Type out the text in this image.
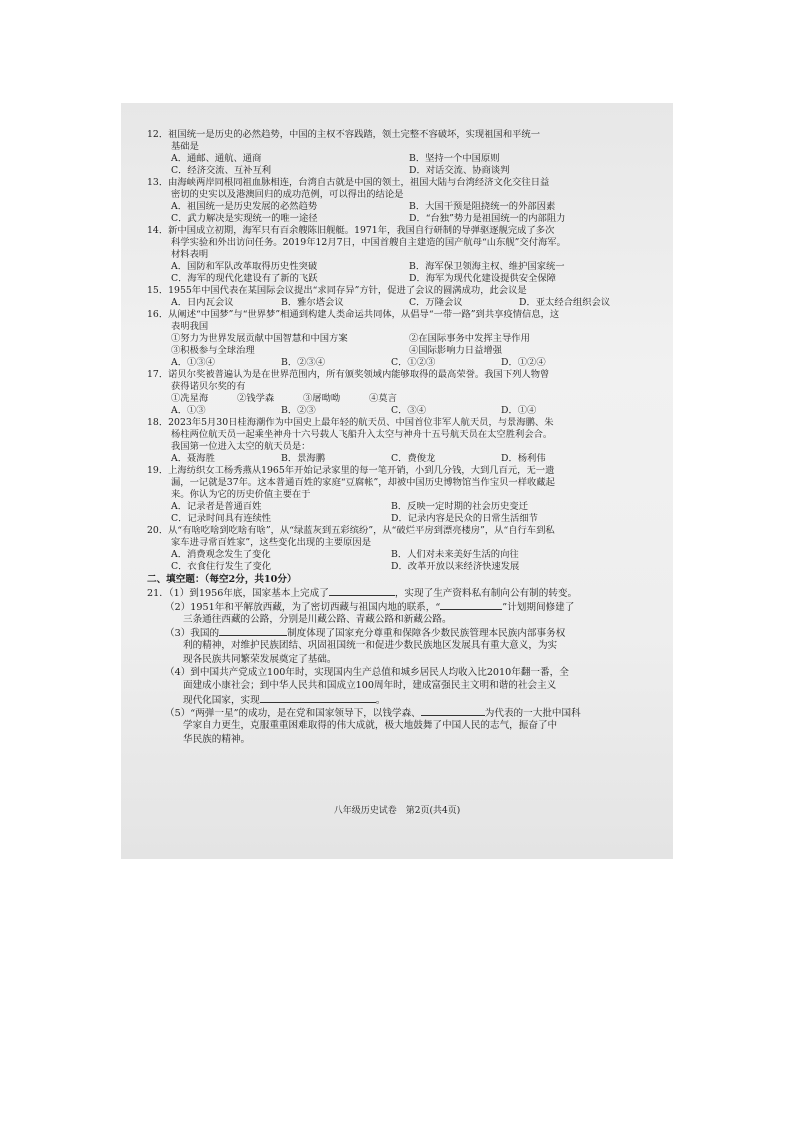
12．祖国统一是历史的必然趋势，中国的主权不容践踏，领土完整不容破坏，实现祖国和平统一
基础是
A．通邮、通航、通商	B．坚持一个中国原则
C．经济交流、互补互利	D．对话交流、协商谈判
13．由海峡两岸同根同祖血脉相连，台湾自古就是中国的领土，祖国大陆与台湾经济文化交往日益
密切的史实以及港澳回归的成功范例，可以得出的结论是
A．祖国统一是历史发展的必然趋势	B．大国干预是阻挠统一的外部因素
C．武力解决是实现统一的唯一途径	D．“台独”势力是祖国统一的内部阻力
14．新中国成立初期，海军只有百余艘陈旧舰艇。1971年，我国自行研制的导弹驱逐舰完成了多次
科学实验和外出访问任务。2019年12月7日，中国首艘自主建造的国产航母“山东舰”交付海军。
材料表明
A．国防和军队改革取得历史性突破	B．海军保卫领海主权、维护国家统一
C．海军的现代化建设有了新的飞跃	D．海军为现代化建设提供安全保障
15．1955年中国代表在某国际会议提出“求同存异”方针，促进了会议的圆满成功，此会议是
A．日内瓦会议	B．雅尔塔会议	C．万隆会议	D．亚太经合组织会议
16．从阐述“中国梦”与“世界梦”相通到构建人类命运共同体，从倡导“一带一路”到共享疫情信息，这
表明我国
①努力为世界发展贡献中国智慧和中国方案	②在国际事务中发挥主导作用
③积极参与全球治理	④国际影响力日益增强
A．①③④	B．②③④	C．①②③	D．①②④
17．诺贝尔奖被普遍认为是在世界范围内，所有颁奖领域内能够取得的最高荣誉。我国下列人物曾
获得诺贝尔奖的有
①冼星海	②钱学森	③屠呦呦	④莫言
A．①③	B．②③	C．③④	D．①④
18．2023年5月30日桂海潮作为中国史上最年轻的航天员、中国首位非军人航天员，与景海鹏、朱
杨柱两位航天员一起乘坐神舟十六号载人飞船升入太空与神舟十五号航天员在太空胜利会合。
我国第一位进入太空的航天员是：
A．聂海胜	B．景海鹏	C．费俊龙	D．杨利伟
19．上海纺织女工杨秀燕从1965年开始记录家里的每一笔开销，小到几分钱，大到几百元，无一遗
漏，一记就是37年。这本普通百姓的家庭“豆腐帐”，却被中国历史博物馆当作宝贝一样收藏起
来。你认为它的历史价值主要在于
A．记录者是普通百姓	B．反映一定时期的社会历史变迁
C．记录时间具有连续性	D．记录内容是民众的日常生活细节
20．从“有啥吃啥到吃啥有啥”，从“绿蓝灰到五彩缤纷”，从“破烂平房到漂亮楼房”，从“自行车到私
家车进寻常百姓家”，这些变化出现的主要原因是
A．消费观念发生了变化	B．人们对未来美好生活的向往
C．衣食住行发生了变化	D．改革开放以来经济快速发展
二、填空题：（每空2分，共10分）
21．（1）到1956年底，国家基本上完成了	，实现了生产资料私有制向公有制的转变。
（2）1951年和平解放西藏，为了密切西藏与祖国内地的联系，“	”计划期间修建了
三条通往西藏的公路，分别是川藏公路、青藏公路和新藏公路。
（3）我国的	制度体现了国家充分尊重和保障各少数民族管理本民族内部事务权
利的精神，对维护民族团结、巩固祖国统一和促进少数民族地区发展具有重大意义，为实
现各民族共同繁荣发展奠定了基础。
（4）到中国共产党成立100年时，实现国内生产总值和城乡居民人均收入比2010年翻一番，全
面建成小康社会；到中华人民共和国成立100周年时，建成富强民主文明和谐的社会主义
现代化国家，实现	。
（5）“两弹一星”的成功，是在党和国家领导下，以钱学森、	为代表的一大批中国科
学家自力更生，克服重重困难取得的伟大成就，极大地鼓舞了中国人民的志气，振奋了中
华民族的精神。
八年级历史试卷　第2页(共4页)
